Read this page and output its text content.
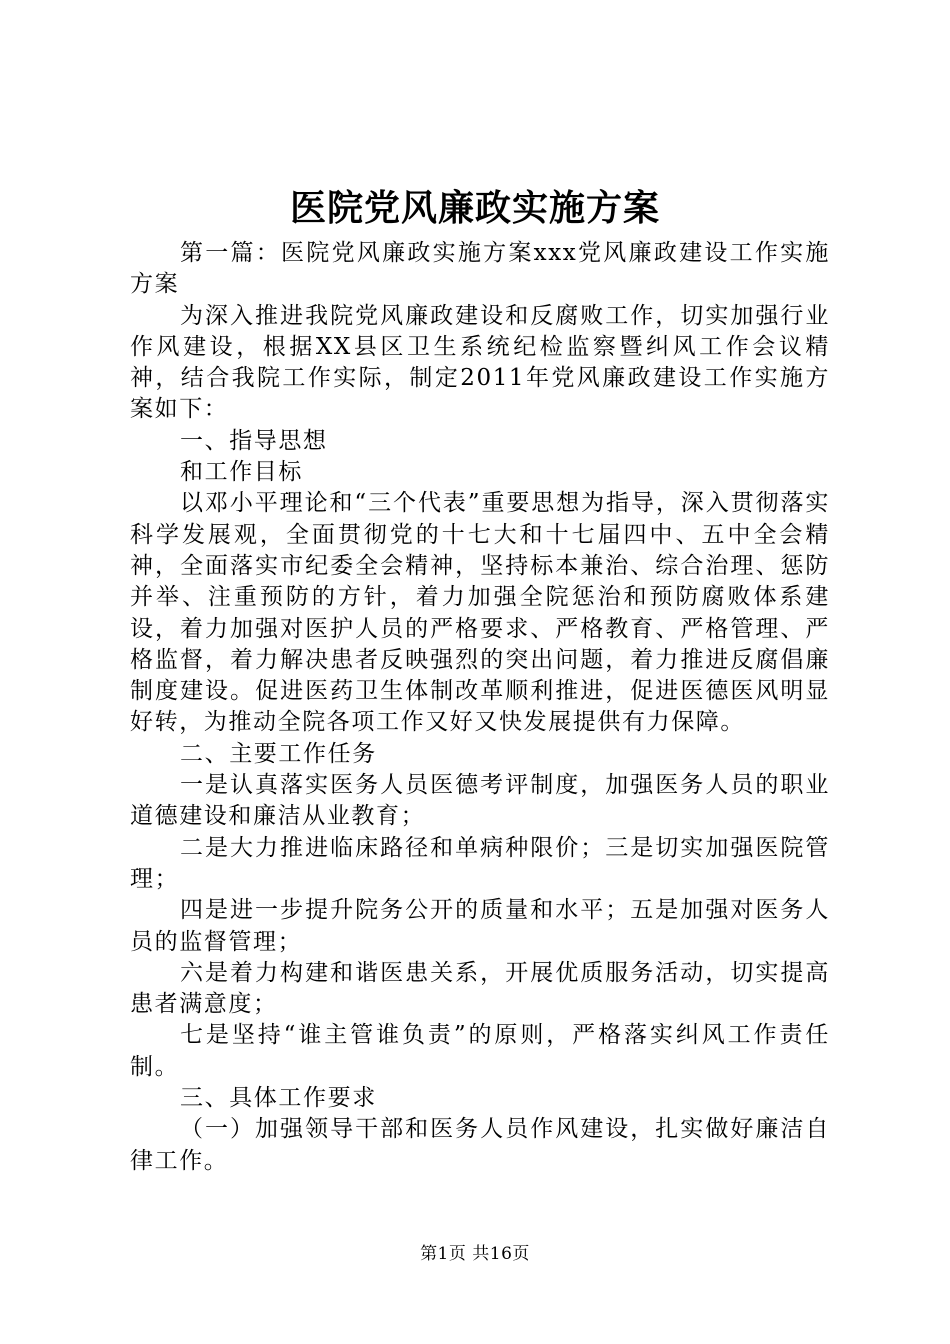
医院党风廉政实施方案

第一篇：医院党风廉政实施方案xxx党风廉政建设工作实施方案

为深入推进我院党风廉政建设和反腐败工作，切实加强行业作风建设，根据XX县区卫生系统纪检监察暨纠风工作会议精神，结合我院工作实际，制定2011年党风廉政建设工作实施方案如下：

一、指导思想

和工作目标

以邓小平理论和“三个代表”重要思想为指导，深入贯彻落实科学发展观，全面贯彻党的十七大和十七届四中、五中全会精神，全面落实市纪委全会精神，坚持标本兼治、综合治理、惩防并举、注重预防的方针，着力加强全院惩治和预防腐败体系建设，着力加强对医护人员的严格要求、严格教育、严格管理、严格监督，着力解决患者反映强烈的突出问题，着力推进反腐倡廉制度建设。促进医药卫生体制改革顺利推进，促进医德医风明显好转，为推动全院各项工作又好又快发展提供有力保障。

二、主要工作任务

一是认真落实医务人员医德考评制度，加强医务人员的职业道德建设和廉洁从业教育；

二是大力推进临床路径和单病种限价；三是切实加强医院管理；

四是进一步提升院务公开的质量和水平；五是加强对医务人员的监督管理；

六是着力构建和谐医患关系，开展优质服务活动，切实提高患者满意度；

七是坚持“谁主管谁负责”的原则，严格落实纠风工作责任制。

三、具体工作要求

（一）加强领导干部和医务人员作风建设，扎实做好廉洁自律工作。

第1页 共16页
